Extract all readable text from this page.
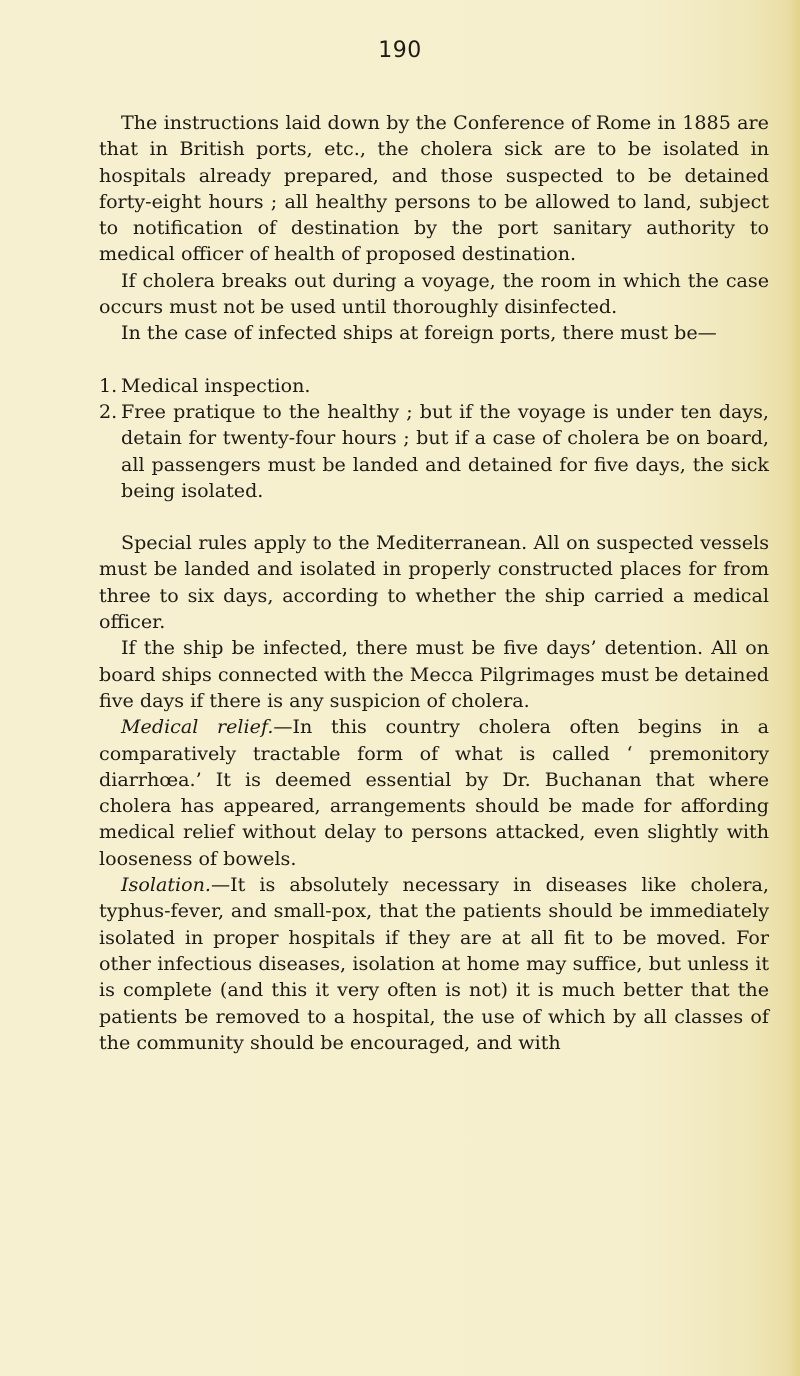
190

The instructions laid down by the Conference of Rome in 1885 are that in British ports, etc., the cholera sick are to be isolated in hospitals already prepared, and those suspected to be detained forty-eight hours ; all healthy persons to be allowed to land, subject to notification of destination by the port sanitary authority to medical officer of health of proposed destination.

If cholera breaks out during a voyage, the room in which the case occurs must not be used until thoroughly disinfected.

In the case of infected ships at foreign ports, there must be—

1. Medical inspection.
2. Free pratique to the healthy ; but if the voyage is under ten days, detain for twenty-four hours ; but if a case of cholera be on board, all passengers must be landed and detained for five days, the sick being isolated.

Special rules apply to the Mediterranean. All on suspected vessels must be landed and isolated in properly constructed places for from three to six days, according to whether the ship carried a medical officer.

If the ship be infected, there must be five days’ detention. All on board ships connected with the Mecca Pilgrimages must be detained five days if there is any suspicion of cholera.

Medical relief.—In this country cholera often begins in a comparatively tractable form of what is called ‘ premonitory diarrhœa.’ It is deemed essential by Dr. Buchanan that where cholera has appeared, arrangements should be made for affording medical relief without delay to persons attacked, even slightly with looseness of bowels.

Isolation.—It is absolutely necessary in diseases like cholera, typhus-fever, and small-pox, that the patients should be immediately isolated in proper hospitals if they are at all fit to be moved. For other infectious diseases, isolation at home may suffice, but unless it is complete (and this it very often is not) it is much better that the patients be removed to a hospital, the use of which by all classes of the community should be encouraged, and with
